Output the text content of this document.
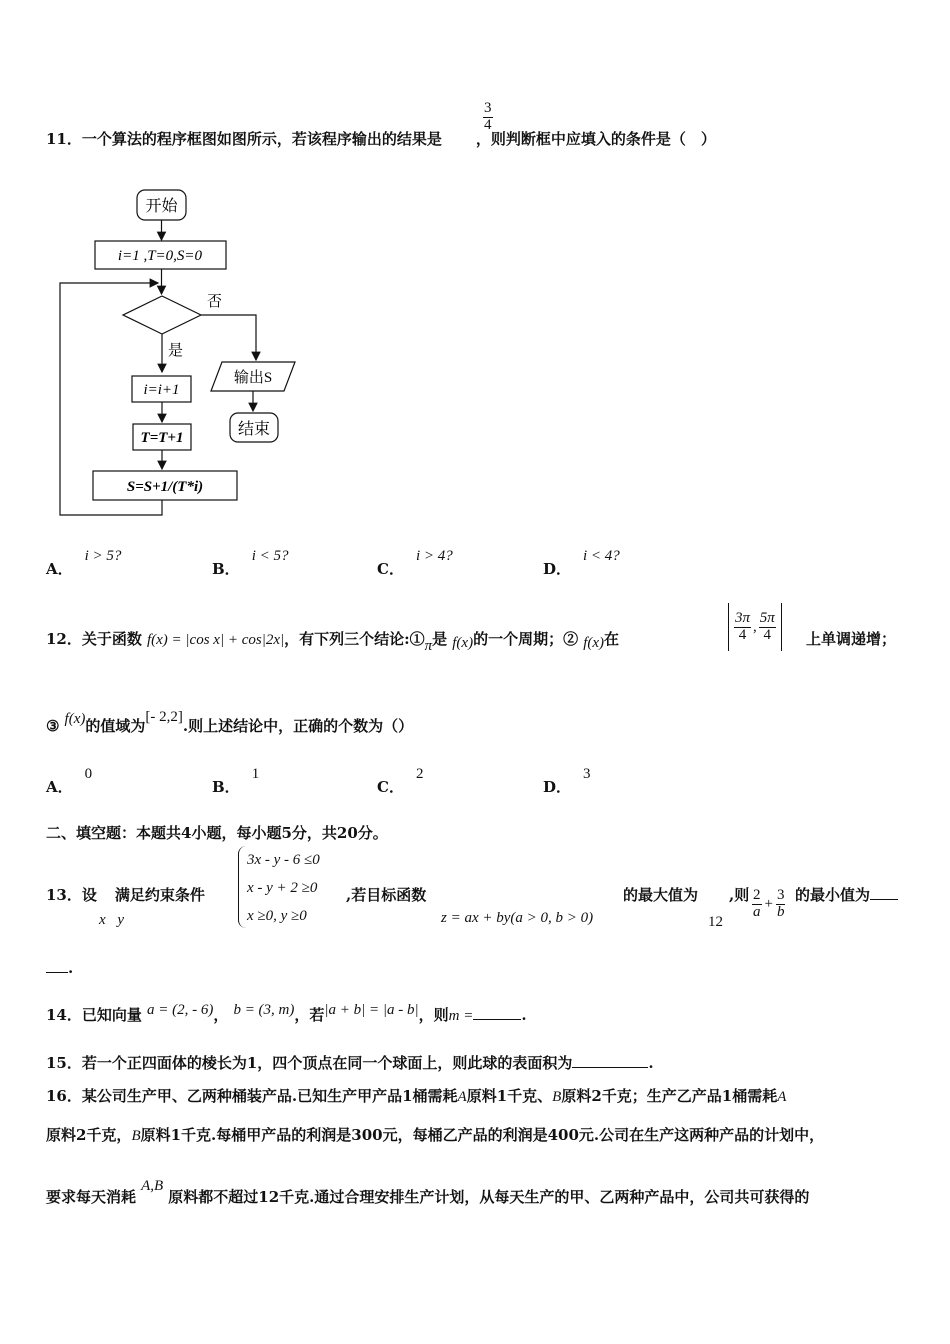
$\frac{3}{4}$
11．一个算法的程序框图如图所示，若该程序输出的结果是 ，则判断框中应填入的条件是（　）
开始
i=1 ,T=0,S=0
否
是
i=i+1
T=T+1
S=S+1/(T*i)
输出S
结束
A．i > 5?
B．i < 5?
C．i > 4?
D．i < 4?
12．关于函数 f(x) = |cos x| + cos|2x|，有下列三个结论:①π是 f(x)的一个周期；② f(x)在	$\frac{3\pi}{4}$ , $\frac{5\pi}{4}$ 上单调递增；
③ f(x)的值域为[- 2,2].则上述结论中，正确的个数为（）
A．0
B．1
C．2
D．3
二、填空题：本题共4小题，每小题5分，共20分。
13．设 满足约束条件
x y
3x - y - 6 ≤0
x - y + 2 ≥0
x ≥0, y ≥0
,若目标函数
z = ax + by(a > 0, b > 0)
的最大值为
12
,则 $\frac{2}{a} + \frac{3}{b}$ 的最小值为
.
14．已知向量 a = (2, - 6)， b = (3, m)，若|a + b| = |a - b|，则m =	.
15．若一个正四面体的棱长为1，四个顶点在同一个球面上，则此球的表面积为	.
16．某公司生产甲、乙两种桶装产品.已知生产甲产品1桶需耗A原料1千克、B原料2千克；生产乙产品1桶需耗A
原料2千克，B原料1千克.每桶甲产品的利润是300元，每桶乙产品的利润是400元.公司在生产这两种产品的计划中，
要求每天消耗 A,B 原料都不超过12千克.通过合理安排生产计划，从每天生产的甲、乙两种产品中，公司共可获得的
